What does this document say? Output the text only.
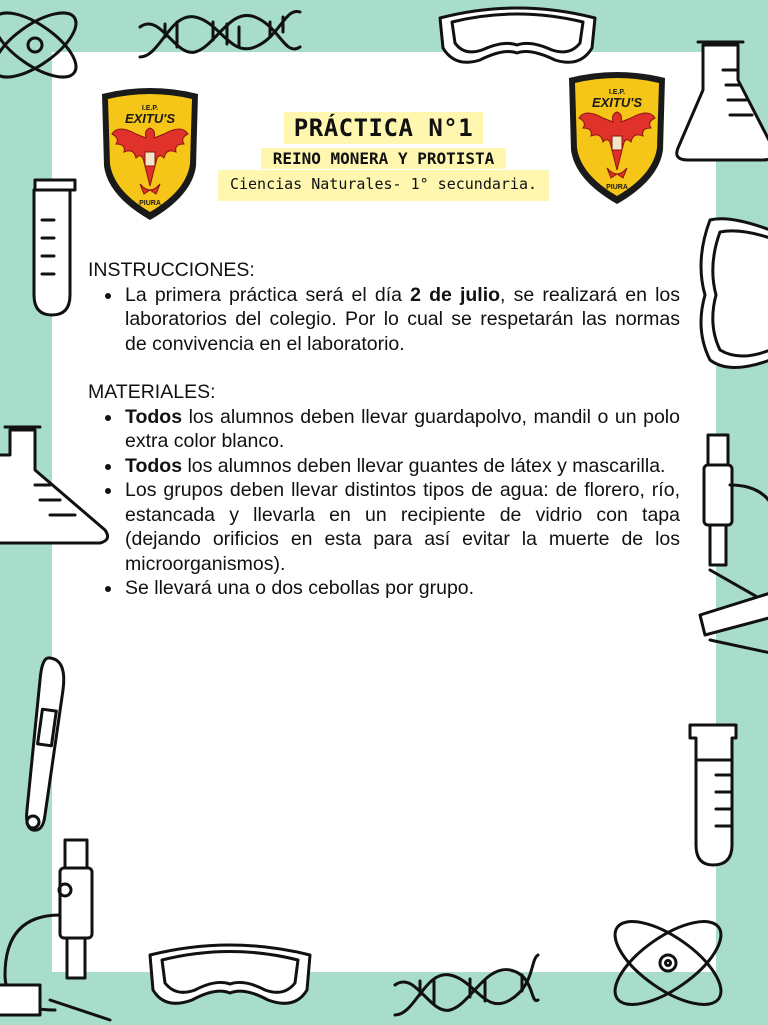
I.E.P.
EXITU'S
PIURA
I.E.P.
EXITU'S
PIURA
PRÁCTICA N°1
REINO MONERA Y PROTISTA
Ciencias Naturales- 1° secundaria.

INSTRUCCIONES:

La primera práctica será el día 2 de julio, se realizará en los laboratorios del colegio. Por lo cual se respetarán las normas de convivencia en el laboratorio.

MATERIALES:

Todos los alumnos deben llevar guardapolvo, mandil o un polo extra color blanco.
Todos los alumnos deben llevar guantes de látex y mascarilla.
Los grupos deben llevar distintos tipos de agua: de florero, río, estancada y llevarla en un recipiente de vidrio con tapa (dejando orificios en esta para así evitar la muerte de los microorganismos).
Se llevará una o dos cebollas por grupo.
